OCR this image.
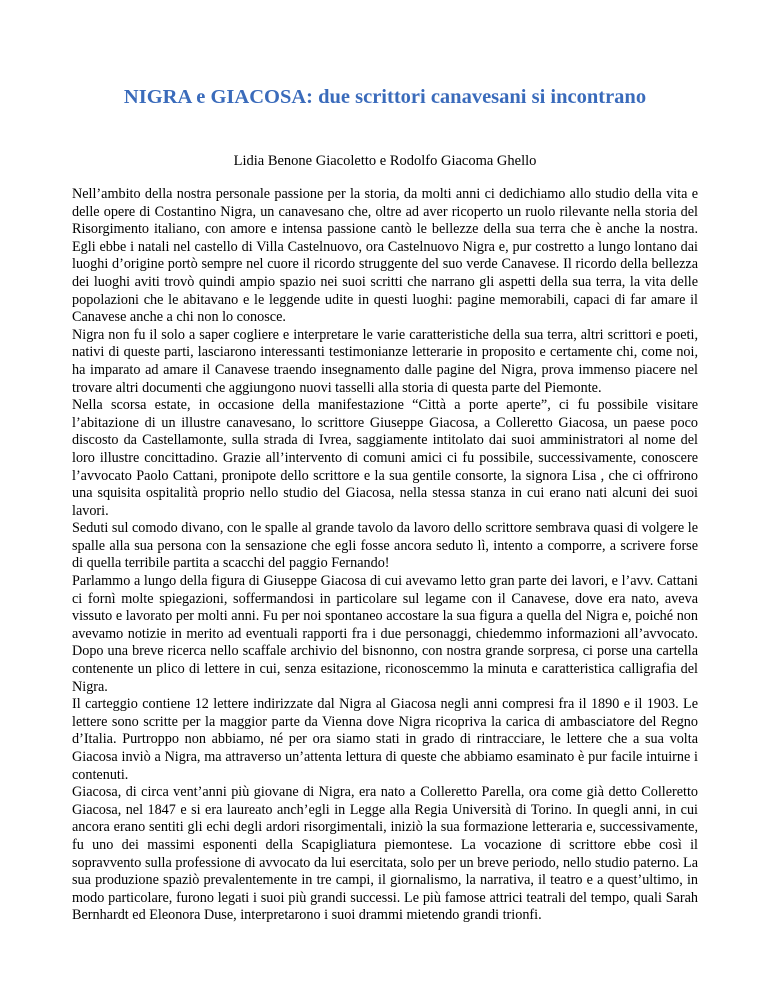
NIGRA e GIACOSA: due scrittori canavesani si incontrano
Lidia Benone Giacoletto e Rodolfo Giacoma Ghello

Nell’ambito della nostra personale passione per la storia, da molti anni ci dedichiamo allo studio della vita e delle opere di Costantino Nigra, un canavesano che, oltre ad aver ricoperto un ruolo rilevante nella storia del Risorgimento italiano, con amore e intensa passione cantò le bellezze della sua terra che è anche la nostra. Egli ebbe i natali nel castello di Villa Castelnuovo, ora Castelnuovo Nigra e, pur costretto a lungo lontano dai luoghi d’origine portò sempre nel cuore il ricordo struggente del suo verde Canavese. Il ricordo della bellezza dei luoghi aviti trovò quindi ampio spazio nei suoi scritti che narrano gli aspetti della sua terra, la vita delle popolazioni che le abitavano e le leggende udite in questi luoghi: pagine memorabili, capaci di far amare il Canavese anche a chi non lo conosce.

Nigra non fu il solo a saper cogliere e interpretare le varie caratteristiche della sua terra, altri scrittori e poeti, nativi di queste parti, lasciarono interessanti testimonianze letterarie in proposito e certamente chi, come noi, ha imparato ad amare il Canavese traendo insegnamento dalle pagine del Nigra, prova immenso piacere nel trovare altri documenti che aggiungono nuovi tasselli alla storia di questa parte del Piemonte.

Nella scorsa estate, in occasione della manifestazione “Città a porte aperte”, ci fu possibile visitare l’abitazione di un illustre canavesano, lo scrittore Giuseppe Giacosa, a Colleretto Giacosa, un paese poco discosto da Castellamonte, sulla strada di Ivrea, saggiamente intitolato dai suoi amministratori al nome del loro illustre concittadino. Grazie all’intervento di comuni amici ci fu possibile, successivamente, conoscere l’avvocato Paolo Cattani, pronipote dello scrittore e la sua gentile consorte, la signora Lisa , che ci offrirono una squisita ospitalità proprio nello studio del Giacosa, nella stessa stanza in cui erano nati alcuni dei suoi lavori.

Seduti sul comodo divano, con le spalle al grande tavolo da lavoro dello scrittore sembrava quasi di volgere le spalle alla sua persona con la sensazione che egli fosse ancora seduto lì, intento a comporre, a scrivere forse di quella terribile partita a scacchi del paggio Fernando!

Parlammo a lungo della figura di Giuseppe Giacosa di cui avevamo letto gran parte dei lavori, e l’avv. Cattani ci fornì molte spiegazioni, soffermandosi in particolare sul legame con il Canavese, dove era nato, aveva vissuto e lavorato per molti anni. Fu per noi spontaneo accostare la sua figura a quella del Nigra e, poiché non avevamo notizie in merito ad eventuali rapporti fra i due personaggi, chiedemmo informazioni all’avvocato. Dopo una breve ricerca nello scaffale archivio del bisnonno, con nostra grande sorpresa, ci porse una cartella contenente un plico di lettere in cui, senza esitazione, riconoscemmo la minuta e caratteristica calligrafia del Nigra.

Il carteggio contiene 12 lettere indirizzate dal Nigra al Giacosa negli anni compresi fra il 1890 e il 1903. Le lettere sono scritte per la maggior parte da Vienna dove Nigra ricopriva la carica di ambasciatore del Regno d’Italia. Purtroppo non abbiamo, né per ora siamo stati in grado di rintracciare, le lettere che a sua volta Giacosa inviò a Nigra, ma attraverso un’attenta lettura di queste che abbiamo esaminato è pur facile intuirne i contenuti.

Giacosa, di circa vent’anni più giovane di Nigra, era nato a Colleretto Parella, ora come già detto Colleretto Giacosa, nel 1847 e si era laureato anch’egli in Legge alla Regia Università di Torino. In quegli anni, in cui ancora erano sentiti gli echi degli ardori risorgimentali, iniziò la sua formazione letteraria e, successivamente, fu uno dei massimi esponenti della Scapigliatura piemontese. La vocazione di scrittore ebbe così il sopravvento sulla professione di avvocato da lui esercitata, solo per un breve periodo, nello studio paterno. La sua produzione spaziò prevalentemente in tre campi, il giornalismo, la narrativa, il teatro e a quest’ultimo, in modo particolare, furono legati i suoi più grandi successi. Le più famose attrici teatrali del tempo, quali Sarah Bernhardt ed Eleonora Duse, interpretarono i suoi drammi mietendo grandi trionfi.
